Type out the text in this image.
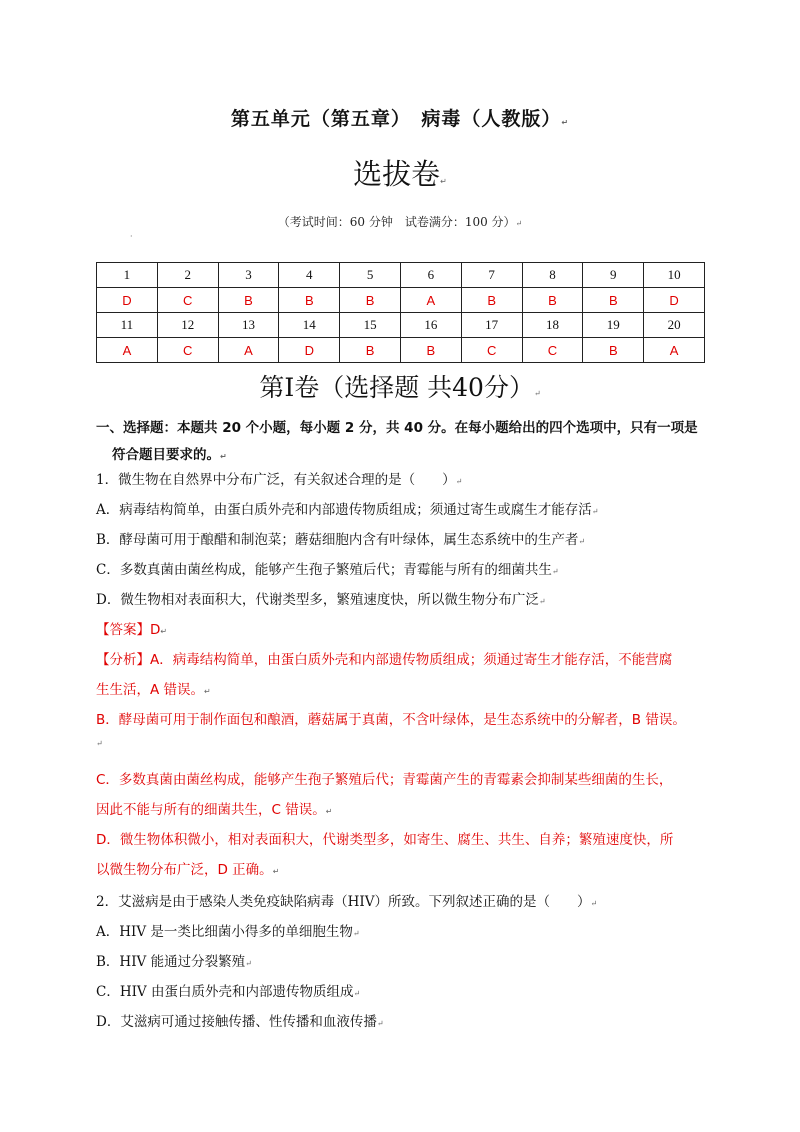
第五单元（第五章）　病毒（人教版）↵
选拔卷↵
（考试时间：60 分钟　试卷满分：100 分）↵
·
1	2	3	4	5	6	7	8	9	10
D	C	B	B	B	A	B	B	B	D
11	12	13	14	15	16	17	18	19	20
A	C	A	D	B	B	C	C	B	A
第Ⅰ卷（选择题 共40分）↵
一、选择题：本题共 20 个小题，每小题 2 分，共 40 分。在每小题给出的四个选项中，只有一项是
符合题目要求的。↵
1．微生物在自然界中分布广泛，有关叙述合理的是（　　）↵
A．病毒结构简单，由蛋白质外壳和内部遗传物质组成；须通过寄生或腐生才能存活↵
B．酵母菌可用于酿醋和制泡菜；蘑菇细胞内含有叶绿体，属生态系统中的生产者↵
C．多数真菌由菌丝构成，能够产生孢子繁殖后代；青霉能与所有的细菌共生↵
D．微生物相对表面积大，代谢类型多，繁殖速度快，所以微生物分布广泛↵
【答案】D↵
【分析】A．病毒结构简单，由蛋白质外壳和内部遗传物质组成；须通过寄生才能存活，不能营腐
生生活，A 错误。↵
B．酵母菌可用于制作面包和酿酒，蘑菇属于真菌，不含叶绿体，是生态系统中的分解者，B 错误。
↵
C．多数真菌由菌丝构成，能够产生孢子繁殖后代；青霉菌产生的青霉素会抑制某些细菌的生长，
因此不能与所有的细菌共生，C 错误。↵
D．微生物体积微小，相对表面积大，代谢类型多，如寄生、腐生、共生、自养；繁殖速度快，所
以微生物分布广泛，D 正确。↵
2．艾滋病是由于感染人类免疫缺陷病毒（HIV）所致。下列叙述正确的是（　　）↵
A．HIV 是一类比细菌小得多的单细胞生物↵
B．HIV 能通过分裂繁殖↵
C．HIV 由蛋白质外壳和内部遗传物质组成↵
D．艾滋病可通过接触传播、性传播和血液传播↵
